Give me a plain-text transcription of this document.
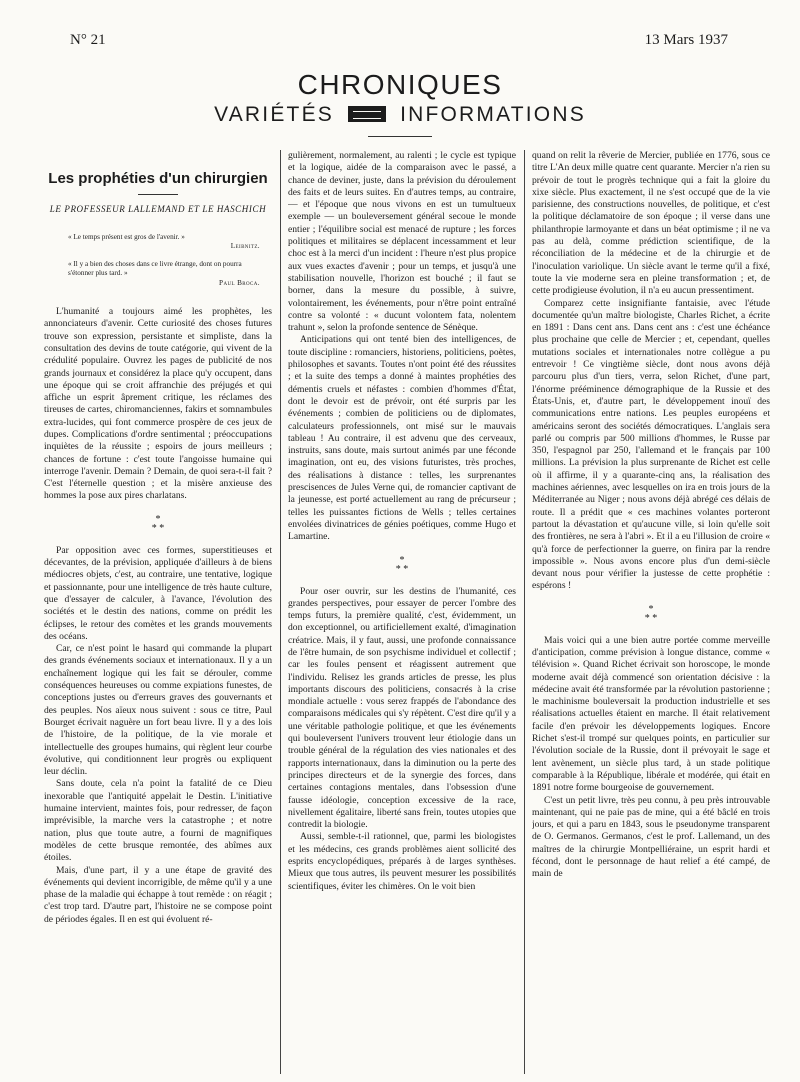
N° 21	13 Mars 1937
CHRONIQUES
VARIÉTÉS	INFORMATIONS
Les prophéties d'un chirurgien
LE PROFESSEUR LALLEMAND ET LE HASCHICH
« Le temps présent est gros de l'avenir. »
Leibnitz.
« Il y a bien des choses dans ce livre étrange, dont on pourra s'étonner plus tard. »
Paul Broca.

L'humanité a toujours aimé les prophètes, les annonciateurs d'avenir. Cette curiosité des choses futures trouve son expression, persistante et simpliste, dans la consultation des devins de toute catégorie, qui vivent de la crédulité populaire. Ouvrez les pages de publicité de nos grands journaux et considérez la place qu'y occupent, dans une époque qui se croit affranchie des préjugés et qui affiche un esprit âprement critique, les réclames des tireuses de cartes, chiromanciennes, fakirs et somnambules extra-lucides, qui font commerce prospère de ces jeux de dupes. Complications d'ordre sentimental ; préoccupations inquiètes de la réussite ; espoirs de jours meilleurs ; chances de fortune : c'est toute l'angoisse humaine qui interroge l'avenir. Demain ? Demain, de quoi sera-t-il fait ? C'est l'éternelle question ; et la misère anxieuse des hommes la pose aux pires charlatans.

*
* *

Par opposition avec ces formes, superstitieuses et décevantes, de la prévision, appliquée d'ailleurs à de biens médiocres objets, c'est, au contraire, une tentative, logique et passionnante, pour une intelligence de très haute culture, que d'essayer de calculer, à l'avance, l'évolution des sociétés et le destin des nations, comme on prédit les éclipses, le retour des comètes et les grands mouvements des océans.

Car, ce n'est point le hasard qui commande la plupart des grands événements sociaux et internationaux. Il y a un enchaînement logique qui les fait se dérouler, comme conséquences heureuses ou comme expiations funestes, de conceptions justes ou d'erreurs graves des gouvernants et des peuples. Nos aïeux nous suivent : sous ce titre, Paul Bourget écrivait naguère un fort beau livre. Il y a des lois de l'histoire, de la politique, de la vie morale et intellectuelle des groupes humains, qui règlent leur courbe évolutive, qui conditionnent leur progrès ou expliquent leur déclin.

Sans doute, cela n'a point la fatalité de ce Dieu inexorable que l'antiquité appelait le Destin. L'initiative humaine intervient, maintes fois, pour redresser, de façon imprévisible, la marche vers la catastrophe ; et notre nation, plus que toute autre, a fourni de magnifiques modèles de cette brusque remontée, des abîmes aux étoiles.

Mais, d'une part, il y a une étape de gravité des événements qui devient incorrigible, de même qu'il y a une phase de la maladie qui échappe à tout remède : on réagit ; c'est trop tard. D'autre part, l'histoire ne se compose point de périodes égales. Il en est qui évoluent ré-

gulièrement, normalement, au ralenti ; le cycle est typique et la logique, aidée de la comparaison avec le passé, a chance de deviner, juste, dans la prévision du déroulement des faits et de leurs suites. En d'autres temps, au contraire, — et l'époque que nous vivons en est un tumultueux exemple — un bouleversement général secoue le monde entier ; l'équilibre social est menacé de rupture ; les forces politiques et militaires se déplacent incessamment et leur choc est à la merci d'un incident : l'heure n'est plus propice aux vues exactes d'avenir ; pour un temps, et jusqu'à une stabilisation nouvelle, l'horizon est bouché ; il faut se borner, dans la mesure du possible, à suivre, volontairement, les événements, pour n'être point entraîné contre sa volonté : « ducunt volontem fata, nolentem trahunt », selon la profonde sentence de Sénèque.

Anticipations qui ont tenté bien des intelligences, de toute discipline : romanciers, historiens, politiciens, poètes, philosophes et savants. Toutes n'ont point été des réussites ; et la suite des temps a donné à maintes prophéties des démentis cruels et néfastes : combien d'hommes d'État, dont le devoir est de prévoir, ont été surpris par les événements ; combien de politiciens ou de diplomates, calculateurs professionnels, ont misé sur le mauvais tableau ! Au contraire, il est advenu que des cerveaux, instruits, sans doute, mais surtout animés par une féconde imagination, ont eu, des visions futuristes, très proches, des réalisations à distance : telles, les surprenantes prescisences de Jules Verne qui, de romancier captivant de la jeunesse, est porté actuellement au rang de précurseur ; telles les puissantes fictions de Wells ; telles certaines envolées divinatrices de génies poétiques, comme Hugo et Lamartine.

*
* *

Pour oser ouvrir, sur les destins de l'humanité, ces grandes perspectives, pour essayer de percer l'ombre des temps futurs, la première qualité, c'est, évidemment, un don exceptionnel, ou artificiellement exalté, d'imagination créatrice. Mais, il y faut, aussi, une profonde connaissance de l'être humain, de son psychisme individuel et collectif ; car les foules pensent et réagissent autrement que l'individu. Relisez les grands articles de presse, les plus importants discours des politiciens, consacrés à la crise mondiale actuelle : vous serez frappés de l'abondance des comparaisons médicales qui s'y répètent. C'est dire qu'il y a une véritable pathologie politique, et que les événements qui bouleversent l'univers trouvent leur étiologie dans un trouble général de la régulation des vies nationales et des rapports internationaux, dans la diminution ou la perte des principes directeurs et de la synergie des forces, dans certaines contagions mentales, dans l'obsession d'une fausse idéologie, conception excessive de la race, nivellement égalitaire, liberté sans frein, toutes utopies que contredit la biologie.

Aussi, semble-t-il rationnel, que, parmi les biologistes et les médecins, ces grands problèmes aient sollicité des esprits encyclopédiques, préparés à de larges synthèses. Mieux que tous autres, ils peuvent mesurer les possibilités scientifiques, éviter les chimères. On le voit bien

quand on relit la rêverie de Mercier, publiée en 1776, sous ce titre L'An deux mille quatre cent quarante. Mercier n'a rien su prévoir de tout le progrès technique qui a fait la gloire du xixe siècle. Plus exactement, il ne s'est occupé que de la vie parisienne, des constructions nouvelles, de politique, et c'est la politique déclamatoire de son époque ; il verse dans une philanthropie larmoyante et dans un béat optimisme ; il ne va pas au delà, comme prédiction scientifique, de la réconciliation de la médecine et de la chirurgie et de l'inoculation variolique. Un siècle avant le terme qu'il a fixé, toute la vie moderne sera en pleine transformation ; et, de cette prodigieuse évolution, il n'a eu aucun pressentiment.

Comparez cette insignifiante fantaisie, avec l'étude documentée qu'un maître biologiste, Charles Richet, a écrite en 1891 : Dans cent ans. Dans cent ans : c'est une échéance plus prochaine que celle de Mercier ; et, cependant, quelles mutations sociales et internationales notre collègue a pu entrevoir ! Ce vingtième siècle, dont nous avons déjà parcouru plus d'un tiers, verra, selon Richet, d'une part, l'énorme prééminence démographique de la Russie et des États-Unis, et, d'autre part, le développement inouï des communications entre nations. Les peuples européens et américains seront des sociétés démocratiques. L'anglais sera parlé ou compris par 500 millions d'hommes, le Russe par 350, l'espagnol par 250, l'allemand et le français par 100 millions. La prévision la plus surprenante de Richet est celle où il affirme, il y a quarante-cinq ans, la réalisation des machines aériennes, avec lesquelles on ira en trois jours de la Méditerranée au Niger ; nous avons déjà abrégé ces délais de route. Il a prédit que « ces machines volantes porteront partout la dévastation et qu'aucune ville, si loin qu'elle soit des frontières, ne sera à l'abri ». Et il a eu l'illusion de croire « qu'à force de perfectionner la guerre, on finira par la rendre impossible ». Nous avons encore plus d'un demi-siècle devant nous pour vérifier la justesse de cette prophétie : espérons !

*
* *

Mais voici qui a une bien autre portée comme merveille d'anticipation, comme prévision à longue distance, comme « télévision ». Quand Richet écrivait son horoscope, le monde moderne avait déjà commencé son orientation décisive : la médecine avait été transformée par la révolution pastorienne ; le machinisme bouleversait la production industrielle et ses réalisations actuelles étaient en marche. Il était relativement facile d'en prévoir les développements logiques. Encore Richet s'est-il trompé sur quelques points, en particulier sur l'évolution sociale de la Russie, dont il prévoyait le sage et lent avènement, un siècle plus tard, à un stade politique comparable à la République, libérale et modérée, qui était en 1891 notre forme bourgeoise de gouvernement.

C'est un petit livre, très peu connu, à peu près introuvable maintenant, qui ne paie pas de mine, qui a été bâclé en trois jours, et qui a paru en 1843, sous le pseudonyme transparent de O. Germanos. Germanos, c'est le prof. Lallemand, un des maîtres de la chirurgie Montpelliéraine, un esprit hardi et fécond, dont le personnage de haut relief a été campé, de main de
